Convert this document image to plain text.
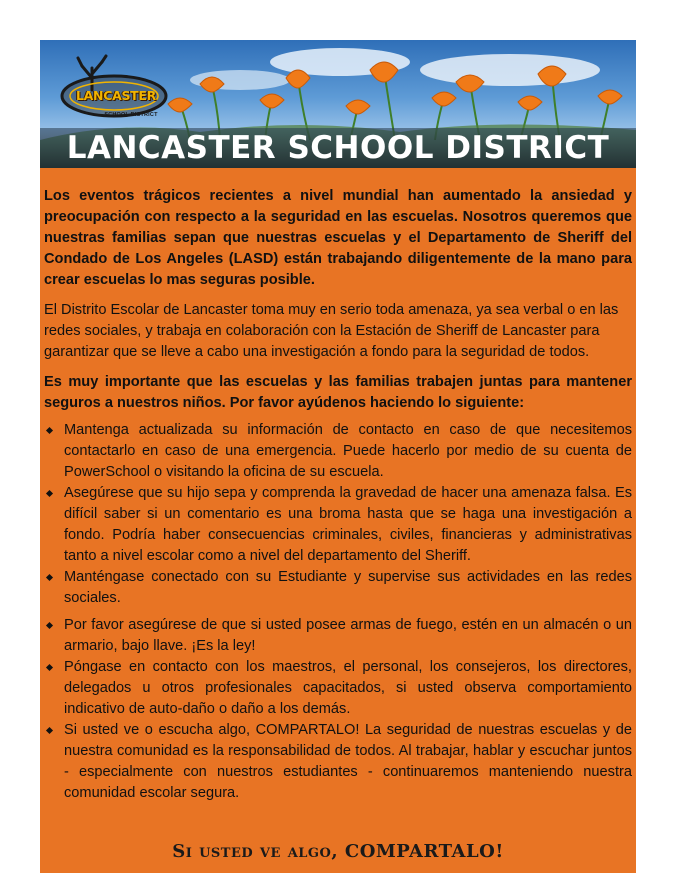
LANCASTER
SCHOOL DISTRICT
LANCASTER SCHOOL DISTRICT

Los eventos trágicos recientes a nivel mundial han aumentado la ansiedad y preocupación con respecto a la seguridad en las escuelas. Nosotros queremos que nuestras familias sepan que nuestras escuelas y el Departamento de Sheriff del Condado de Los Angeles (LASD) están trabajando diligentemente de la mano para crear escuelas lo mas seguras posible.

El Distrito Escolar de Lancaster toma muy en serio toda amenaza, ya sea verbal o en las redes sociales, y trabaja en colaboración con la Estación de Sheriff de Lancaster para garantizar que se lleve a cabo una investigación a fondo para la seguridad de todos.

Es muy importante que las escuelas y las familias trabajen juntas para mantener seguros a nuestros niños. Por favor ayúdenos haciendo lo siguiente:

Mantenga actualizada su información de contacto en caso de que necesitemos contactarlo en caso de una emergencia. Puede hacerlo por medio de su cuenta de PowerSchool o visitando la oficina de su escuela.
Asegúrese que su hijo sepa y comprenda la gravedad de hacer una amenaza falsa. Es difícil saber si un comentario es una broma hasta que se haga una investigación a fondo. Podría haber consecuencias criminales, civiles, financieras y administrativas tanto a nivel escolar como a nivel del departamento del Sheriff.
Manténgase conectado con su Estudiante y supervise sus actividades en las redes sociales.
Por favor asegúrese de que si usted posee armas de fuego, estén en un almacén o un armario, bajo llave. ¡Es la ley!
Póngase en contacto con los maestros, el personal, los consejeros, los directores, delegados u otros profesionales capacitados, si usted observa comportamiento indicativo de auto-daño o daño a los demás.
Si usted ve o escucha algo, COMPARTALO! La seguridad de nuestras escuelas y de nuestra comunidad es la responsabilidad de todos. Al trabajar, hablar y escuchar juntos - especialmente con nuestros estudiantes - continuaremos manteniendo nuestra comunidad escolar segura.
Si usted ve algo, COMPARTALO!
